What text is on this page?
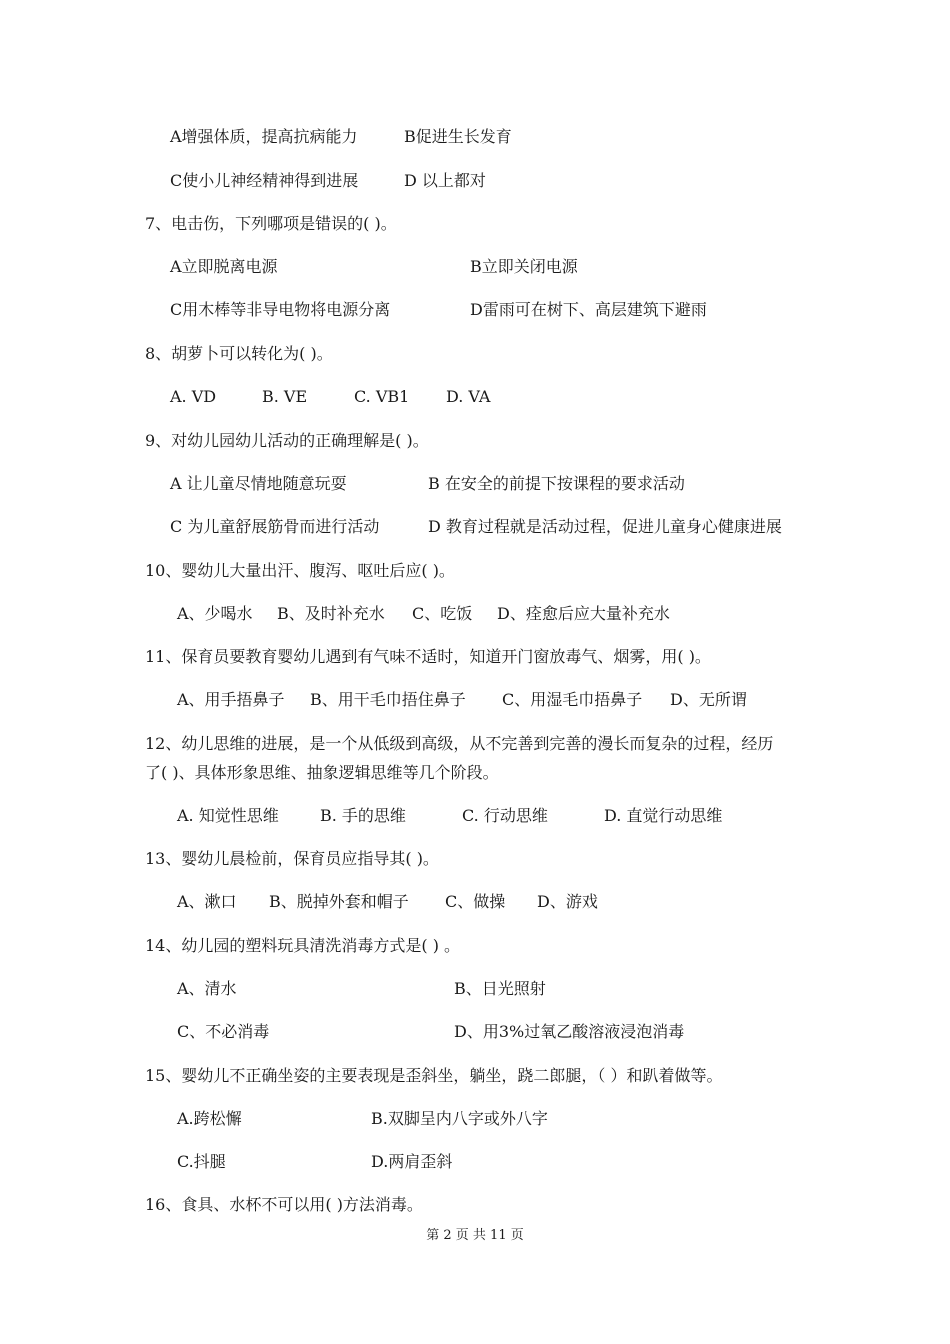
A增强体质，提高抗病能力	B促进生长发育
C使小儿神经精神得到进展	D 以上都对
7、电击伤，下列哪项是错误的( )。
A立即脱离电源	B立即关闭电源
C用木棒等非导电物将电源分离	D雷雨可在树下、高层建筑下避雨
8、胡萝卜可以转化为( )。
A. VD	B. VE	C. VB1 D. VA
9、对幼儿园幼儿活动的正确理解是( )。
A 让儿童尽情地随意玩耍	B 在安全的前提下按课程的要求活动
C 为儿童舒展筋骨而进行活动	D 教育过程就是活动过程，促进儿童身心健康进展
10、婴幼儿大量出汗、腹泻、呕吐后应( )。
A、少喝水 B、及时补充水 C、吃饭 D、痊愈后应大量补充水
11、保育员要教育婴幼儿遇到有气味不适时，知道开门窗放毒气、烟雾，用( )。
A、用手捂鼻子 B、用干毛巾捂住鼻子 C、用湿毛巾捂鼻子 D、无所谓
12、幼儿思维的进展，是一个从低级到高级，从不完善到完善的漫长而复杂的过程，经历
了( )、具体形象思维、抽象逻辑思维等几个阶段。
A. 知觉性思维	B. 手的思维	C. 行动思维	D. 直觉行动思维
13、婴幼儿晨检前，保育员应指导其( )。
A、漱口 B、脱掉外套和帽子 C、做操 D、游戏
14、幼儿园的塑料玩具清洗消毒方式是( ) 。
A、清水	B、日光照射
C、不必消毒	D、用3%过氧乙酸溶液浸泡消毒
15、婴幼儿不正确坐姿的主要表现是歪斜坐，躺坐，跷二郎腿，（ ）和趴着做等。
A.跨松懈	B.双脚呈内八字或外八字
C.抖腿	D.两肩歪斜
16、食具、水杯不可以用( )方法消毒。
第 2 页 共 11 页
